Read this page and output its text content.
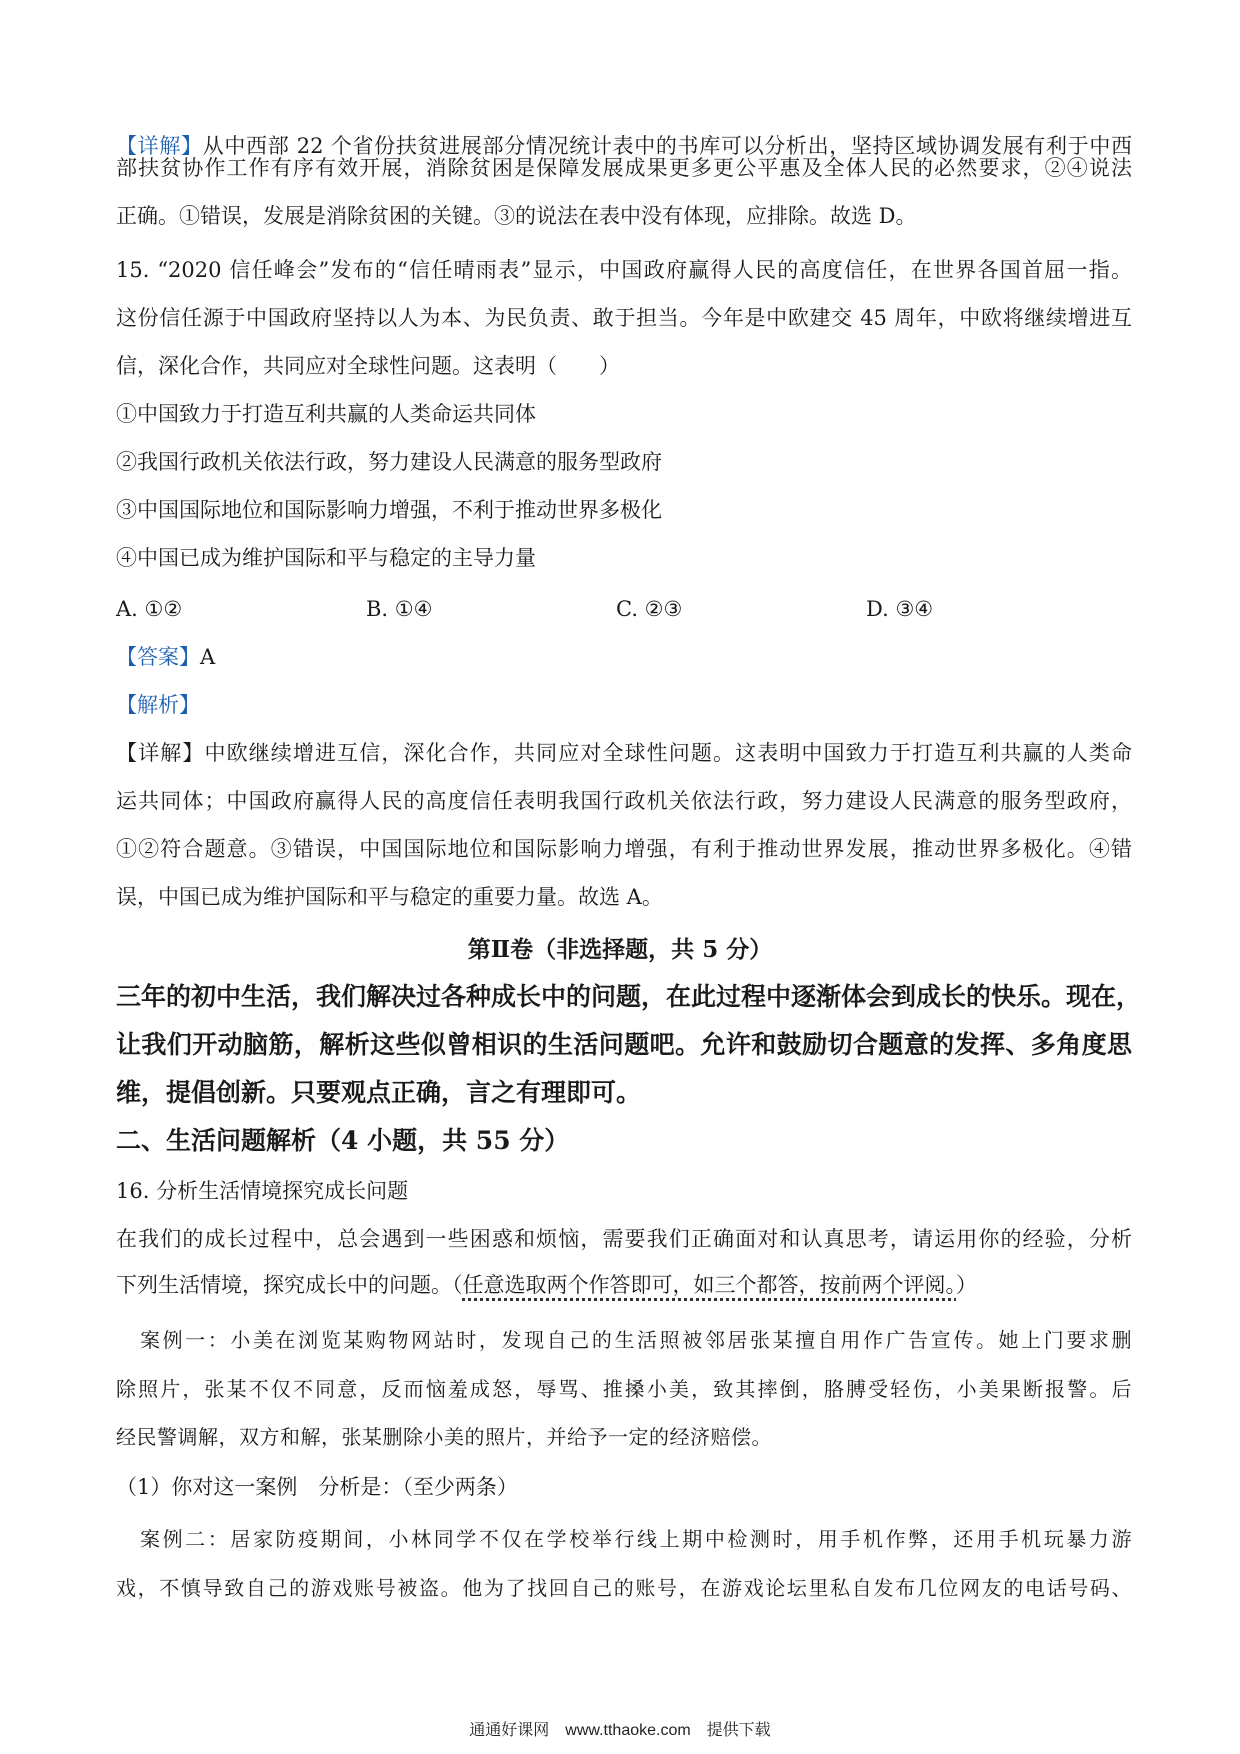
【详解】从中西部 22 个省份扶贫进展部分情况统计表中的书库可以分析出，坚持区域协调发展有利于中西
部扶贫协作工作有序有效开展，消除贫困是保障发展成果更多更公平惠及全体人民的必然要求，②④说法
正确。①错误，发展是消除贫困的关键。③的说法在表中没有体现，应排除。故选 D。
15. “2020 信任峰会”发布的“信任晴雨表”显示，中国政府赢得人民的高度信任，在世界各国首屈一指。
这份信任源于中国政府坚持以人为本、为民负责、敢于担当。今年是中欧建交 45 周年，中欧将继续增进互
信，深化合作，共同应对全球性问题。这表明（　　）
①中国致力于打造互利共赢的人类命运共同体
②我国行政机关依法行政，努力建设人民满意的服务型政府
③中国国际地位和国际影响力增强，不利于推动世界多极化
④中国已成为维护国际和平与稳定的主导力量
A. ①②	B. ①④	C. ②③	D. ③④
【答案】A
【解析】
【详解】中欧继续增进互信，深化合作，共同应对全球性问题。这表明中国致力于打造互利共赢的人类命
运共同体；中国政府赢得人民的高度信任表明我国行政机关依法行政，努力建设人民满意的服务型政府，
①②符合题意。③错误，中国国际地位和国际影响力增强，有利于推动世界发展，推动世界多极化。④错
误，中国已成为维护国际和平与稳定的重要力量。故选 A。
第Ⅱ卷（非选择题，共 5 分）
三年的初中生活，我们解决过各种成长中的问题，在此过程中逐渐体会到成长的快乐。现在，
让我们开动脑筋，解析这些似曾相识的生活问题吧。允许和鼓励切合题意的发挥、多角度思
维，提倡创新。只要观点正确，言之有理即可。
二、生活问题解析（4 小题，共 55 分）
16. 分析生活情境探究成长问题
在我们的成长过程中，总会遇到一些困惑和烦恼，需要我们正确面对和认真思考，请运用你的经验，分析
下列生活情境，探究成长中的问题。（任意选取两个作答即可，如三个都答，按前两个评阅。）
案例一：小美在浏览某购物网站时，发现自己的生活照被邻居张某擅自用作广告宣传。她上门要求删
除照片，张某不仅不同意，反而恼羞成怒，辱骂、推搡小美，致其摔倒，胳膊受轻伤，小美果断报警。后
经民警调解，双方和解，张某删除小美的照片，并给予一定的经济赔偿。
（1）你对这一案例　分析是：（至少两条）
案例二：居家防疫期间，小林同学不仅在学校举行线上期中检测时，用手机作弊，还用手机玩暴力游
戏，不慎导致自己的游戏账号被盗。他为了找回自己的账号，在游戏论坛里私自发布几位网友的电话号码、
通通好课网　www.tthaoke.com　提供下载
